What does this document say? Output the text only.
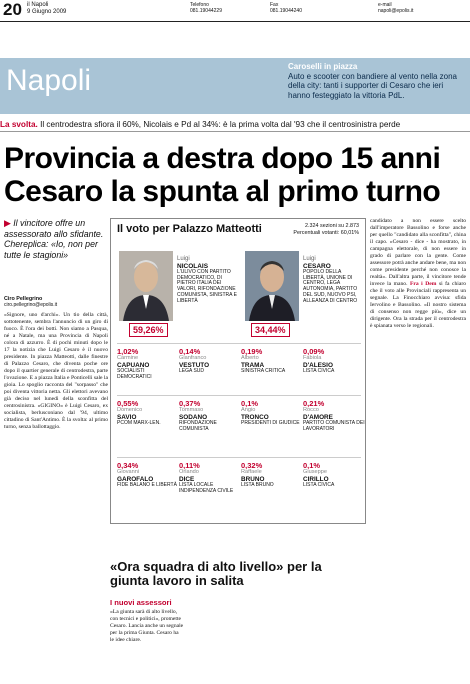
20 il Napoli
9 Giugno 2009
Telefono
081.19044229
Fax
081.19044240
e-mail
napoli@epolis.it
Napoli	Caroselli in piazza
Auto e scooter con bandiere al vento nella zona della city: tanti i supporter di Cesaro che ieri hanno festeggiato la vittoria PdL.
La svolta. Il centrodestra sfiora il 60%, Nicolais e Pd al 34%: è la prima volta dal '93 che il centrosinistra perde
Provincia a destra dopo 15 anni
Cesaro la spunta al primo turno
▶ Il vincitore offre un assessorato allo sfidante. Chereplica: «Io, non per tutte le stagioni»
Ciro Pellegrino
ciro.pellegrino@epolis.it
«Signore, uno d'archi». Un tio della città, sottotenente, sembra l'annuncio di un giro di fuoco. È l'ora dei botti. Non siamo a Pasqua, né a Natale, ma una Provincia di Napoli colora di azzurro. È di pochi minuti dopo le 17 la notizia che Luigi Cesaro è il nuovo presidente. In piazza Matteotti, dalle finestre di Palazzo Cesaro, che diventa poche ore dopo il quartier generale di centrodestra, parte l'ovazione. E a piazza Italia e Ponticelli sale la gioia. Lo spoglio racconta del "sorpasso" che poi diventa vittoria netta. Gli elettori avevano già deciso nel lunedì della sconfitta del centrosinistra. «GIGINO» è Luigi Cesaro, ex socialista, berlusconiano dal '94, ultimo cittadino di Sant'Antimo. È la svolta: al primo turno, senza ballottaggio.
Il voto per Palazzo Matteotti	2.324 sezioni su 2.873
Percentuali votanti: 60,01%
Luigi
NICOLAIS
L'ULIVO CON PARTITO DEMOCRATICO, DI PIETRO ITALIA DEI VALORI, RIFONDAZIONE COMUNISTA, SINISTRA E LIBERTÀ
59,26%
Luigi
CESARO
POPOLO DELLA LIBERTÀ, UNIONE DI CENTRO, LEGA AUTONOMIA, PARTITO DEL SUD, NUOVO PSI, ALLEANZA DI CENTRO
34,44%
1,02%
Carmine
CAPUANO
SOCIALISTI DEMOCRATICI
0,14%
Gianfranco
VESTUTO
LEGA SUD
0,19%
Alberto
TRAMA
SINISTRA CRITICA
0,09%
Fabiola
D'ALESIO
LISTA CIVICA
0,55%
Domenico
SAVIO
PCOM MARX-LEN.
0,37%
Tommaso
SODANO
RIFONDAZIONE COMUNISTA
0,1%
Angio
TRONCO
PRESIDENTI DI GIUDICE
0,21%
Rocco
D'AMORE
PARTITO COMUNISTA DEI LAVORATORI
0,34%
Giovanni
GAROFALO
FIDE BALANO E LIBERTÀ
0,11%
Orlando
DICE
LISTA LOCALE INDIPENDENZA CIVILE
0,32%
Raffaele
BRUNO
LISTA BRUNO
0,1%
Giuseppe
CIRILLO
LISTA CIVICA
candidato a non essere scelto dall'imperatore Bassolino e forse anche per quello "candidato alla sconfitta", china il capo. «Cesaro - dice - ha mostrato, in campagna elettorale, di non essere in grado di parlare con la gente. Come assessore potrà anche andare bene, ma non come presidente perché non conosce la realtà». Dall'altra parte, il vincitore tende invece la mano. Fra i Dem si fa chiaro che il voto alle Provinciali rappresenta un segnale. La Finocchiaro avvisa: sfida Iervolino e Bassolino. «Il nostro sistema di consenso non regge più», dice un dirigente. Ora la strada per il centrodestra è spianata verso le regionali.
«Ora squadra di alto livello» per la giunta lavoro in salita
I nuovi assessori
«La giunta sarà di alto livello, con tecnici e politici», promette Cesaro. Lancia anche un segnale per la prima Giunta. Cesaro ha le idee chiare.
